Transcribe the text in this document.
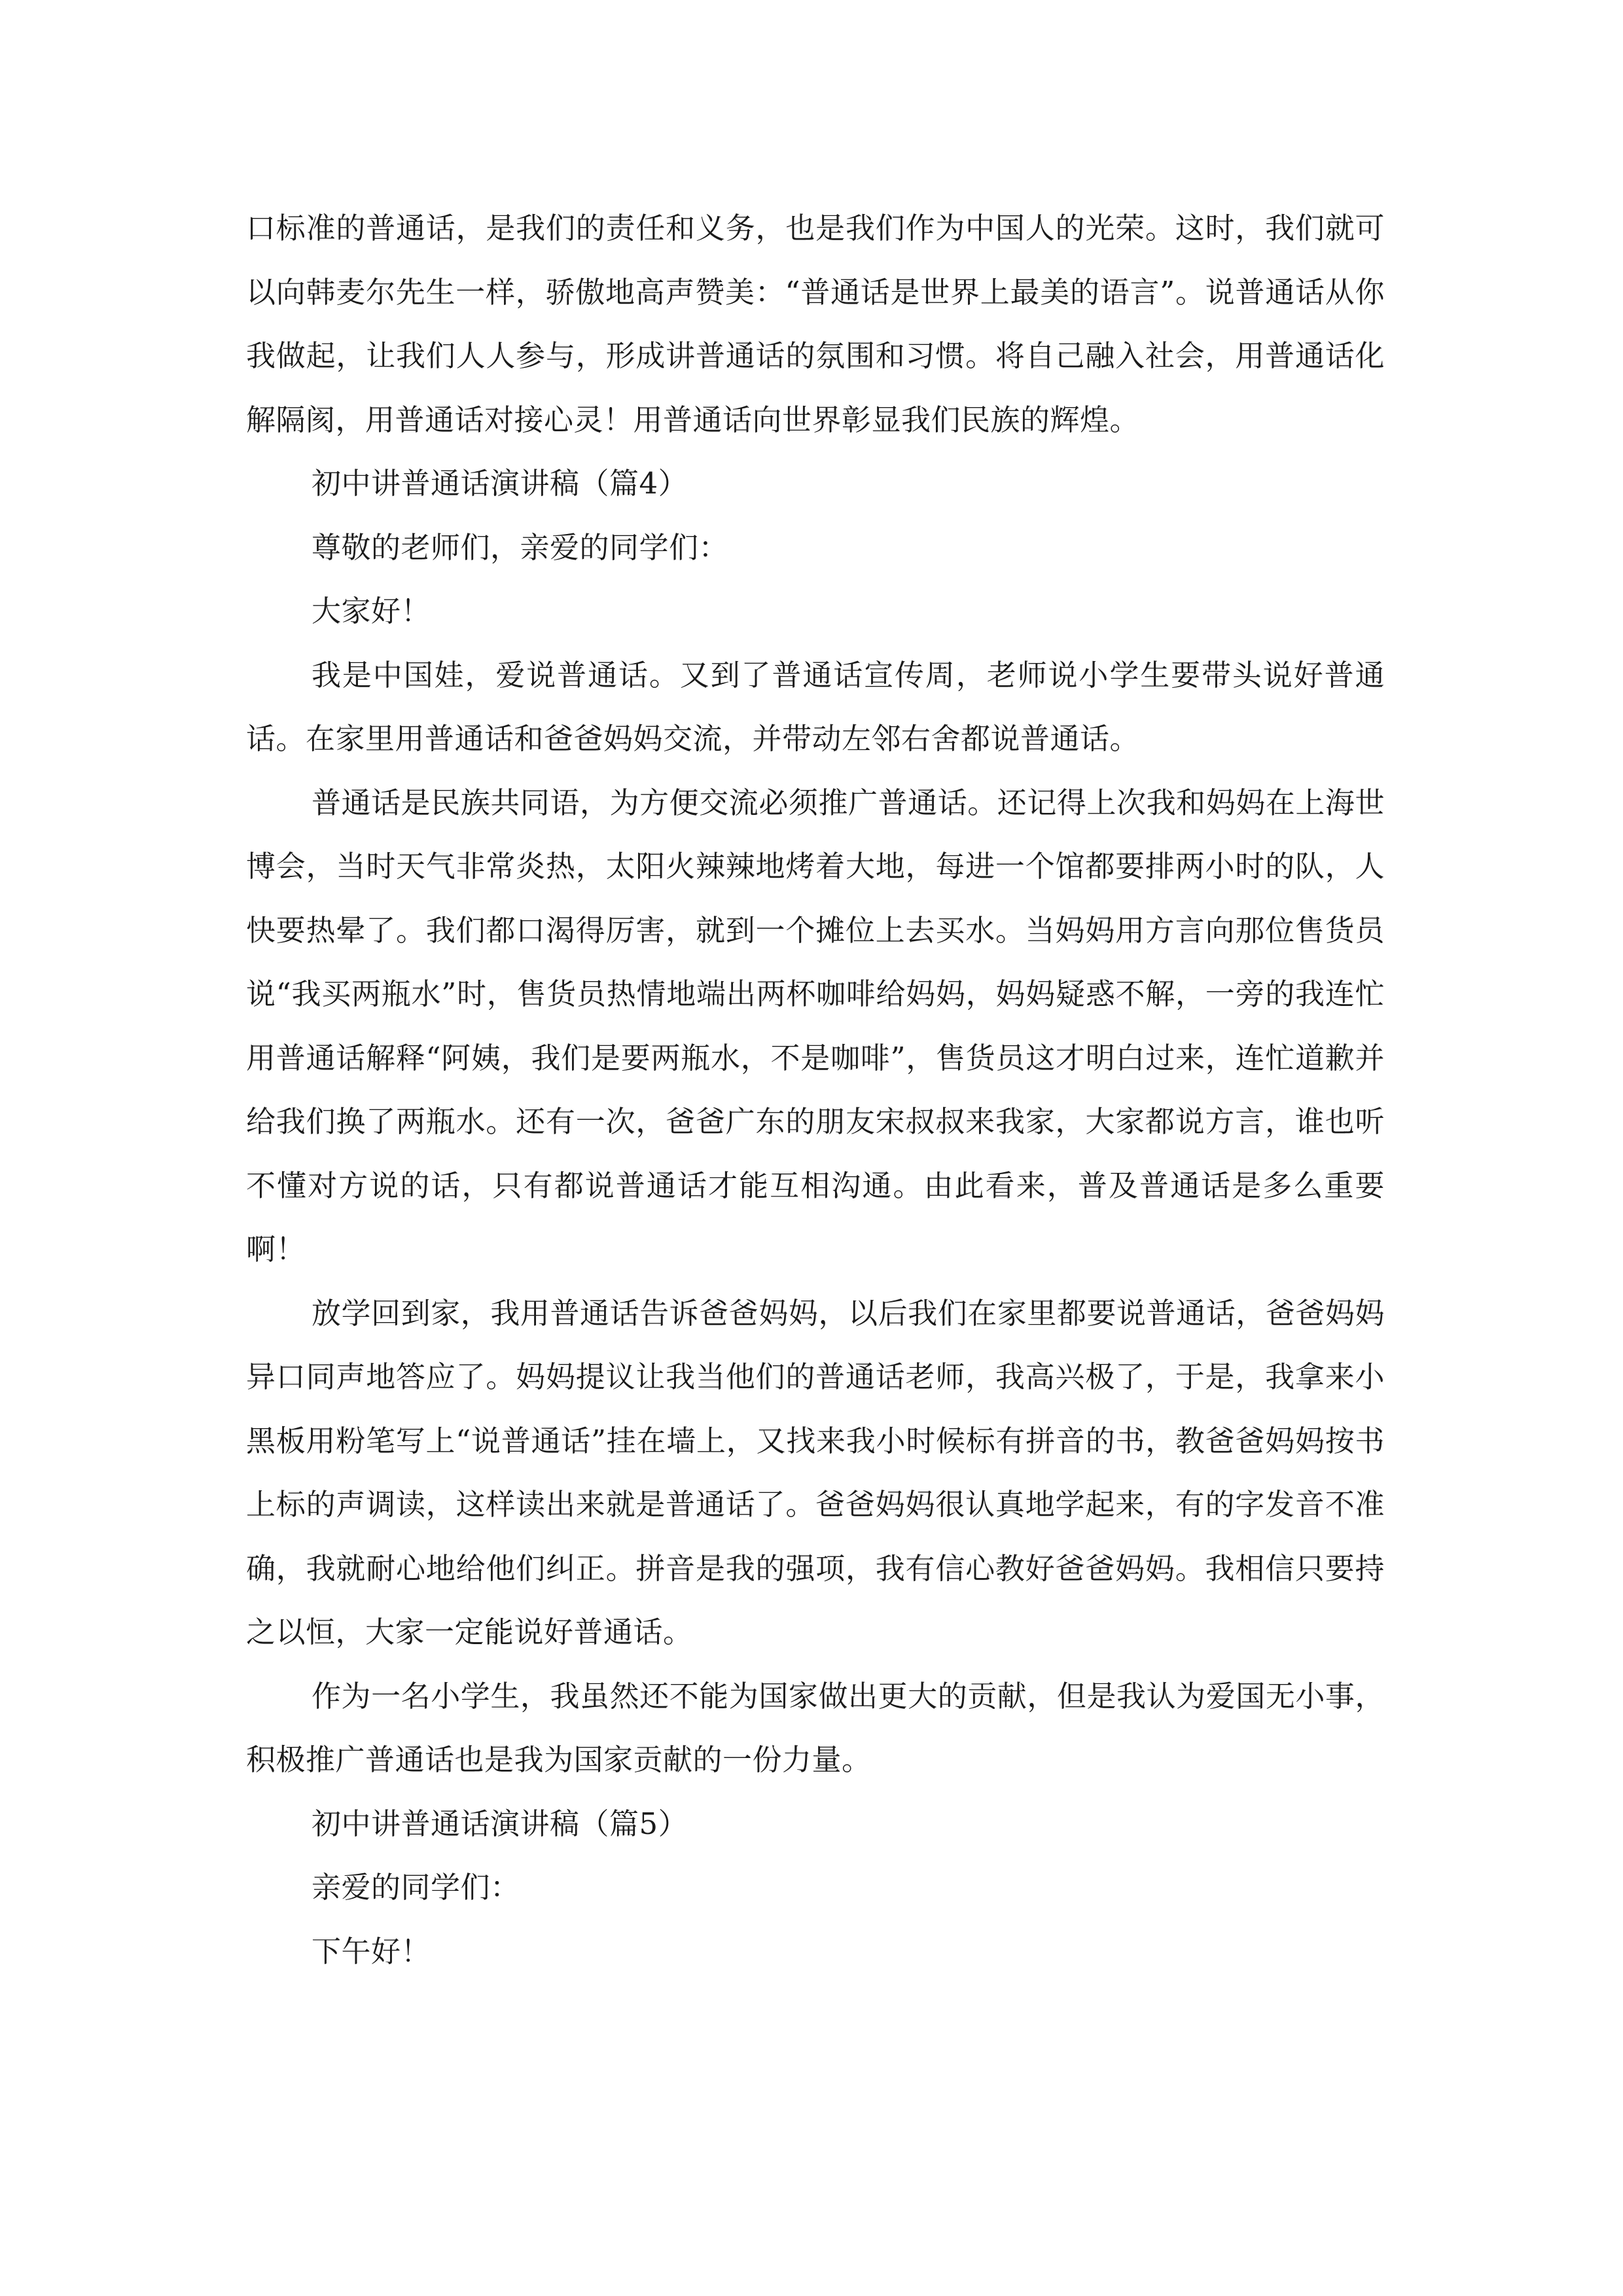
口标准的普通话，是我们的责任和义务，也是我们作为中国人的光荣。这时，我们就可以向韩麦尔先生一样，骄傲地高声赞美：“普通话是世界上最美的语言”。说普通话从你我做起，让我们人人参与，形成讲普通话的氛围和习惯。将自己融入社会，用普通话化解隔阂，用普通话对接心灵！用普通话向世界彰显我们民族的辉煌。

初中讲普通话演讲稿（篇4）

尊敬的老师们，亲爱的同学们：

大家好！

我是中国娃，爱说普通话。又到了普通话宣传周，老师说小学生要带头说好普通话。在家里用普通话和爸爸妈妈交流，并带动左邻右舍都说普通话。

普通话是民族共同语，为方便交流必须推广普通话。还记得上次我和妈妈在上海世博会，当时天气非常炎热，太阳火辣辣地烤着大地，每进一个馆都要排两小时的队，人快要热晕了。我们都口渴得厉害，就到一个摊位上去买水。当妈妈用方言向那位售货员说“我买两瓶水”时，售货员热情地端出两杯咖啡给妈妈，妈妈疑惑不解，一旁的我连忙用普通话解释“阿姨，我们是要两瓶水，不是咖啡”，售货员这才明白过来，连忙道歉并给我们换了两瓶水。还有一次，爸爸广东的朋友宋叔叔来我家，大家都说方言，谁也听不懂对方说的话，只有都说普通话才能互相沟通。由此看来，普及普通话是多么重要啊！

放学回到家，我用普通话告诉爸爸妈妈，以后我们在家里都要说普通话，爸爸妈妈异口同声地答应了。妈妈提议让我当他们的普通话老师，我高兴极了，于是，我拿来小黑板用粉笔写上“说普通话”挂在墙上，又找来我小时候标有拼音的书，教爸爸妈妈按书上标的声调读，这样读出来就是普通话了。爸爸妈妈很认真地学起来，有的字发音不准确，我就耐心地给他们纠正。拼音是我的强项，我有信心教好爸爸妈妈。我相信只要持之以恒，大家一定能说好普通话。

作为一名小学生，我虽然还不能为国家做出更大的贡献，但是我认为爱国无小事，积极推广普通话也是我为国家贡献的一份力量。

初中讲普通话演讲稿（篇5）

亲爱的同学们：

下午好！
